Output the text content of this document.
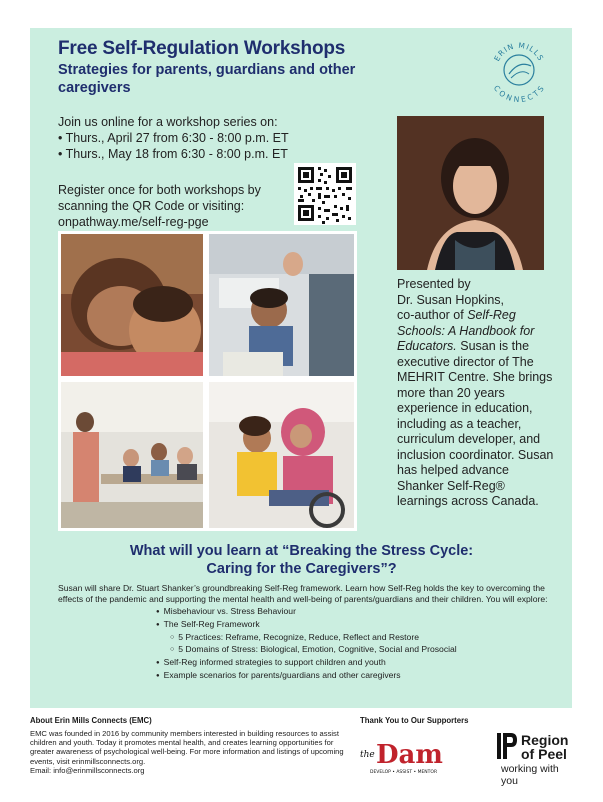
Free Self-Regulation Workshops
Strategies for parents, guardians and other caregivers
ERIN MILLS
CONNECTS
Join us online for a workshop series on:
• Thurs., April 27 from 6:30 - 8:00 p.m. ET
• Thurs., May 18 from 6:30 - 8:00 p.m. ET
Register once for both workshops by
scanning the QR Code or visiting:
onpathway.me/self-reg-pge
Presented by
Dr. Susan Hopkins,
co-author of Self-Reg Schools: A Handbook for Educators. Susan is the executive director of The MEHRIT Centre. She brings more than 20 years experience in education, including as a teacher, curriculum developer, and inclusion coordinator. Susan has helped advance Shanker Self-Reg® learnings across Canada.
What will you learn at “Breaking the Stress Cycle:
Caring for the Caregivers”?
Susan will share Dr. Stuart Shanker’s groundbreaking Self-Reg framework. Learn how Self-Reg holds the key to overcoming the effects of the pandemic and supporting the mental health and well-being of parents/guardians and their children. You will explore:
● Misbehaviour vs. Stress Behaviour
● The Self-Reg Framework
○ 5 Practices: Reframe, Recognize, Reduce, Reflect and Restore
○ 5 Domains of Stress: Biological, Emotion, Cognitive, Social and Prosocial
● Self-Reg informed strategies to support children and youth
● Example scenarios for parents/guardians and other caregivers
About Erin Mills Connects (EMC)
EMC was founded in 2016 by community members interested in building resources to assist children and youth. Today it promotes mental health, and creates learning opportunities for greater awareness of psychological well-being. For more information and listings of upcoming events, visit erinmillsconnects.org.
Email: info@erinmillsconnects.org
Thank You to Our Supporters
the Dam
DEVELOP • ASSIST • MENTOR
Region
of Peel
working with you
